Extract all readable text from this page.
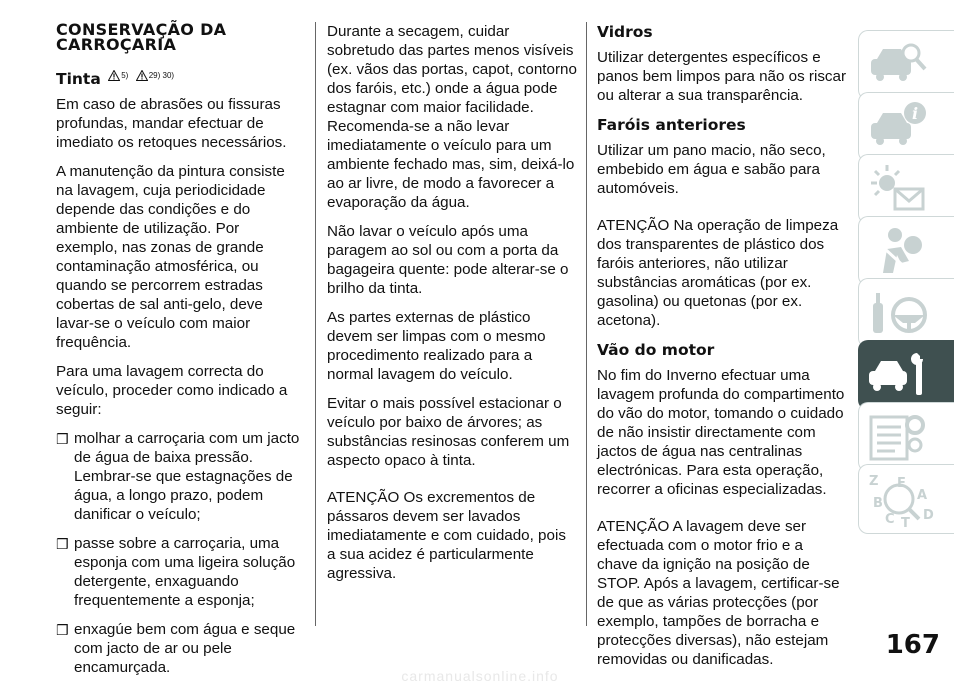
CONSERVAÇÃO DA CARROÇARIA
Tinta	$^{5)}$	$^{29) 30)}$

Em caso de abrasões ou fissuras profundas, mandar efectuar de imediato os retoques necessários.

A manutenção da pintura consiste na lavagem, cuja periodicidade depende das condições e do ambiente de utilização. Por exemplo, nas zonas de grande contaminação atmosférica, ou quando se percorrem estradas cobertas de sal anti-gelo, deve lavar-se o veículo com maior frequência.

Para uma lavagem correcta do veículo, proceder como indicado a seguir:

❒ molhar a carroçaria com um jacto de água de baixa pressão. Lembrar-se que estagnações de água, a longo prazo, podem danificar o veículo;
❒ passe sobre a carroçaria, uma esponja com uma ligeira solução detergente, enxaguando frequentemente a esponja;
❒ enxagúe bem com água e seque com jacto de ar ou pele encamurçada.

Durante a secagem, cuidar sobretudo das partes menos visíveis (ex. vãos das portas, capot, contorno dos faróis, etc.) onde a água pode estagnar com maior facilidade. Recomenda-se a não levar imediatamente o veículo para um ambiente fechado mas, sim, deixá-lo ao ar livre, de modo a favorecer a evaporação da água.

Não lavar o veículo após uma paragem ao sol ou com a porta da bagageira quente: pode alterar-se o brilho da tinta.

As partes externas de plástico devem ser limpas com o mesmo procedimento realizado para a normal lavagem do veículo.

Evitar o mais possível estacionar o veículo por baixo de árvores; as substâncias resinosas conferem um aspecto opaco à tinta.

ATENÇÃO Os excrementos de pássaros devem ser lavados imediatamente e com cuidado, pois a sua acidez é particularmente agressiva.

Vidros

Utilizar detergentes específicos e panos bem limpos para não os riscar ou alterar a sua transparência.

Faróis anteriores

Utilizar um pano macio, não seco, embebido em água e sabão para automóveis.

ATENÇÃO Na operação de limpeza dos transparentes de plástico dos faróis anteriores, não utilizar substâncias aromáticas (por ex. gasolina) ou quetonas (por ex. acetona).

Vão do motor

No fim do Inverno efectuar uma lavagem profunda do compartimento do vão do motor, tomando o cuidado de não insistir directamente com jactos de água nas centralinas electrónicas. Para esta operação, recorrer a oficinas especializadas.

ATENÇÃO A lavagem deve ser efectuada com o motor frio e a chave da ignição na posição de STOP. Após a lavagem, certificar-se de que as várias protecções (por exemplo, tampões de borracha e protecções diversas), não estejam removidas ou danificadas.

i
Z E
A
B
C T
D
167
carmanualsonline.info
